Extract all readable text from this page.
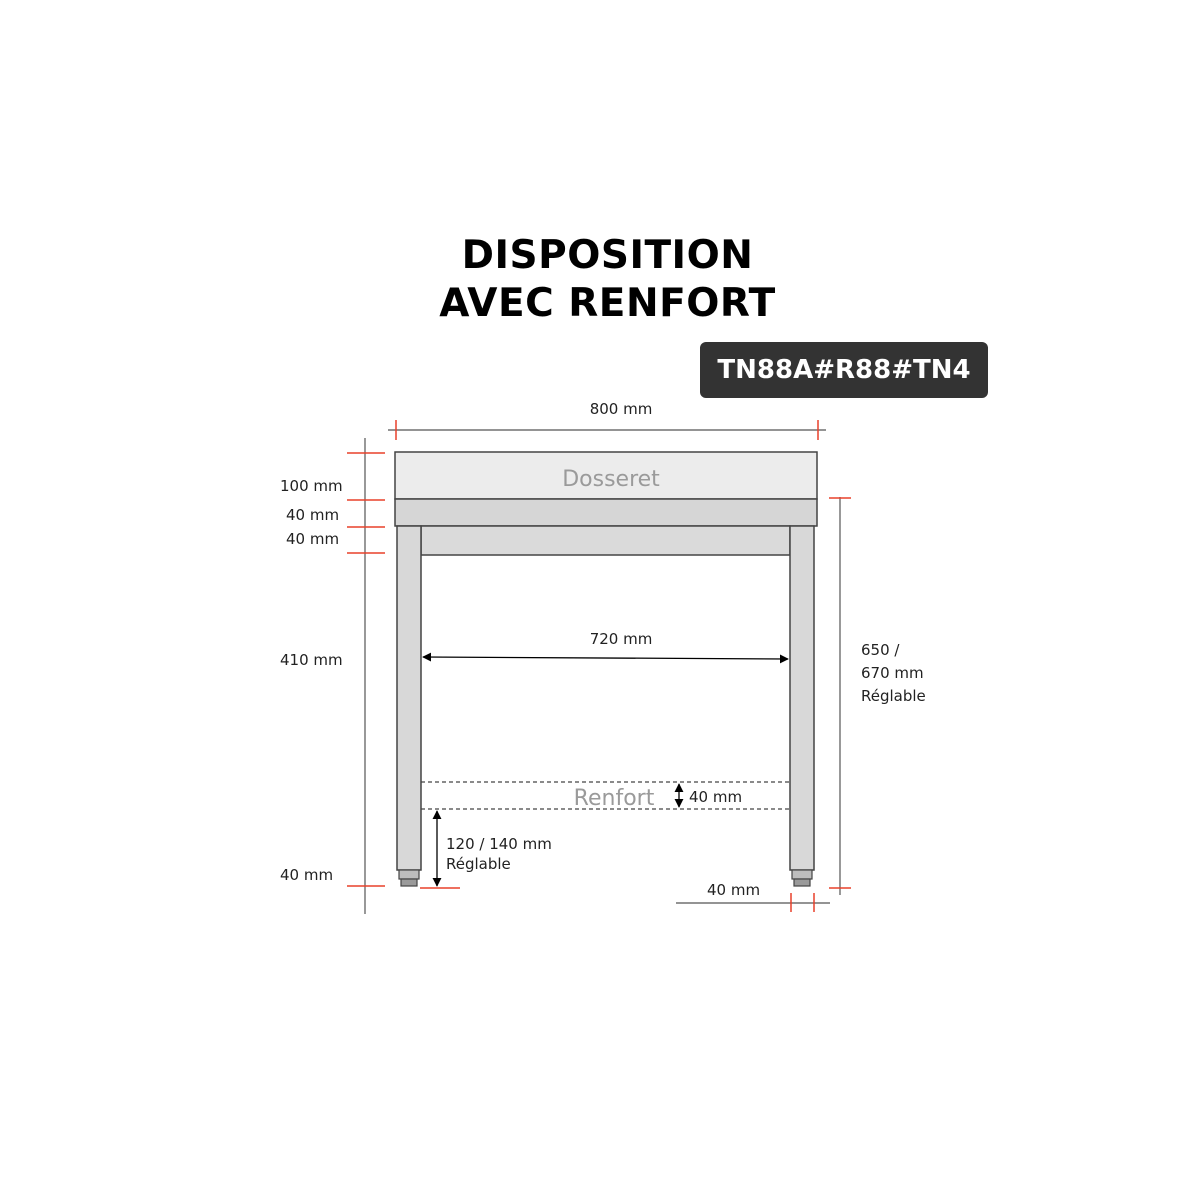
DISPOSITION
AVEC RENFORT
TN88A#R88#TN4
Dosseret
Renfort
800 mm
100 mm
40 mm
40 mm
410 mm
40 mm
650 /
670 mm
Réglable
720 mm
40 mm
120 / 140 mm
Réglable
40 mm
